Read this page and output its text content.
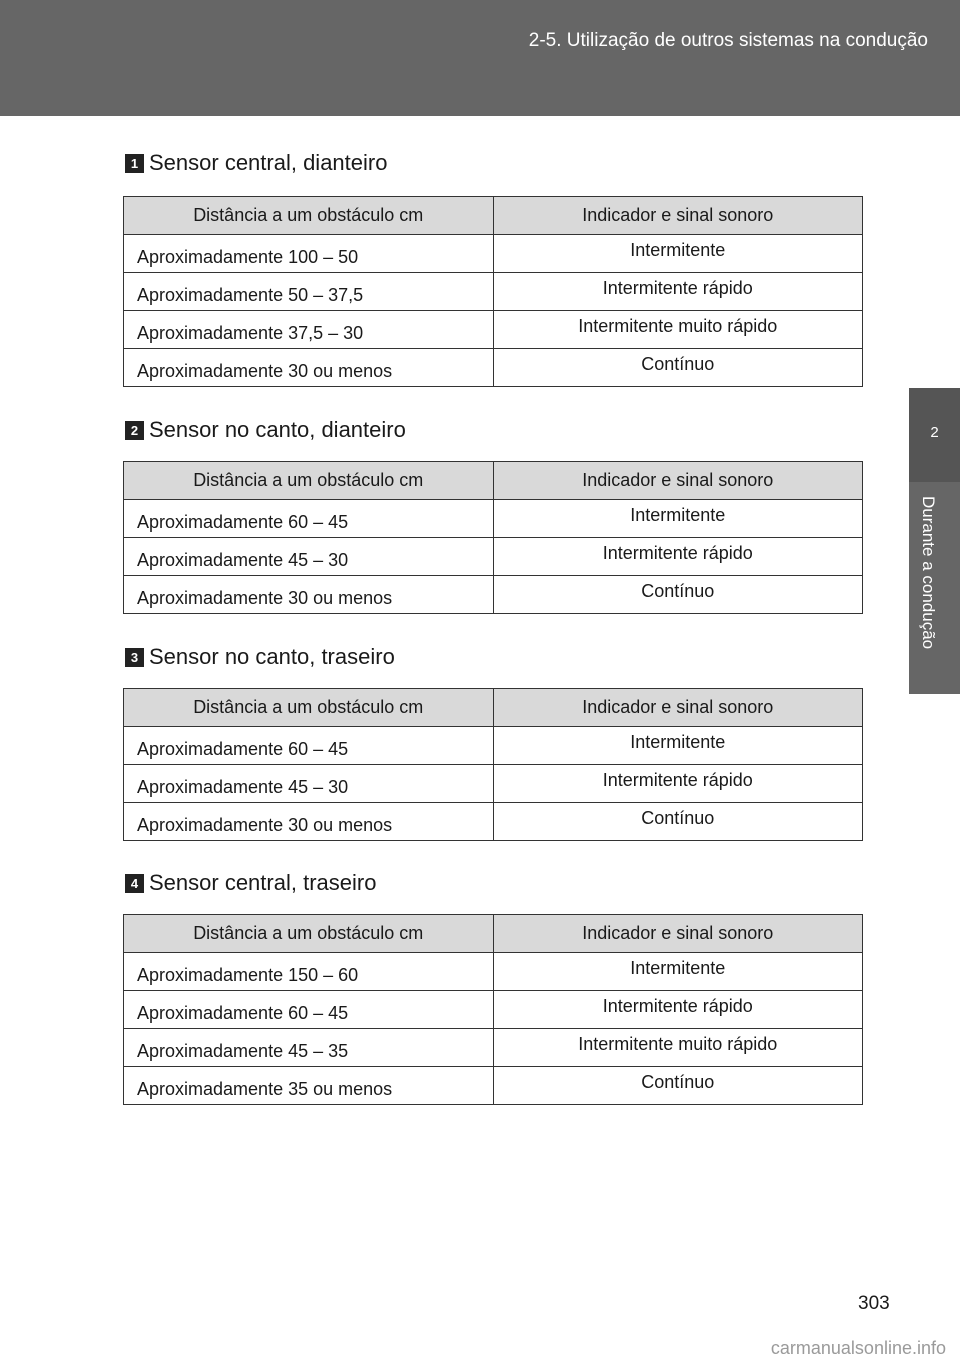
2-5. Utilização de outros sistemas na condução
2
Durante a condução
1 Sensor central, dianteiro
Distância a um obstáculo cm	Indicador e sinal sonoro
Aproximadamente 100 – 50	Intermitente
Aproximadamente 50 – 37,5	Intermitente rápido
Aproximadamente 37,5 – 30	Intermitente muito rápido
Aproximadamente 30 ou menos	Contínuo
2 Sensor no canto, dianteiro
Distância a um obstáculo cm	Indicador e sinal sonoro
Aproximadamente 60 – 45	Intermitente
Aproximadamente 45 – 30	Intermitente rápido
Aproximadamente 30 ou menos	Contínuo
3 Sensor no canto, traseiro
Distância a um obstáculo cm	Indicador e sinal sonoro
Aproximadamente 60 – 45	Intermitente
Aproximadamente 45 – 30	Intermitente rápido
Aproximadamente 30 ou menos	Contínuo
4 Sensor central, traseiro
Distância a um obstáculo cm	Indicador e sinal sonoro
Aproximadamente 150 – 60	Intermitente
Aproximadamente 60 – 45	Intermitente rápido
Aproximadamente 45 – 35	Intermitente muito rápido
Aproximadamente 35 ou menos	Contínuo
303
carmanualsonline.info
